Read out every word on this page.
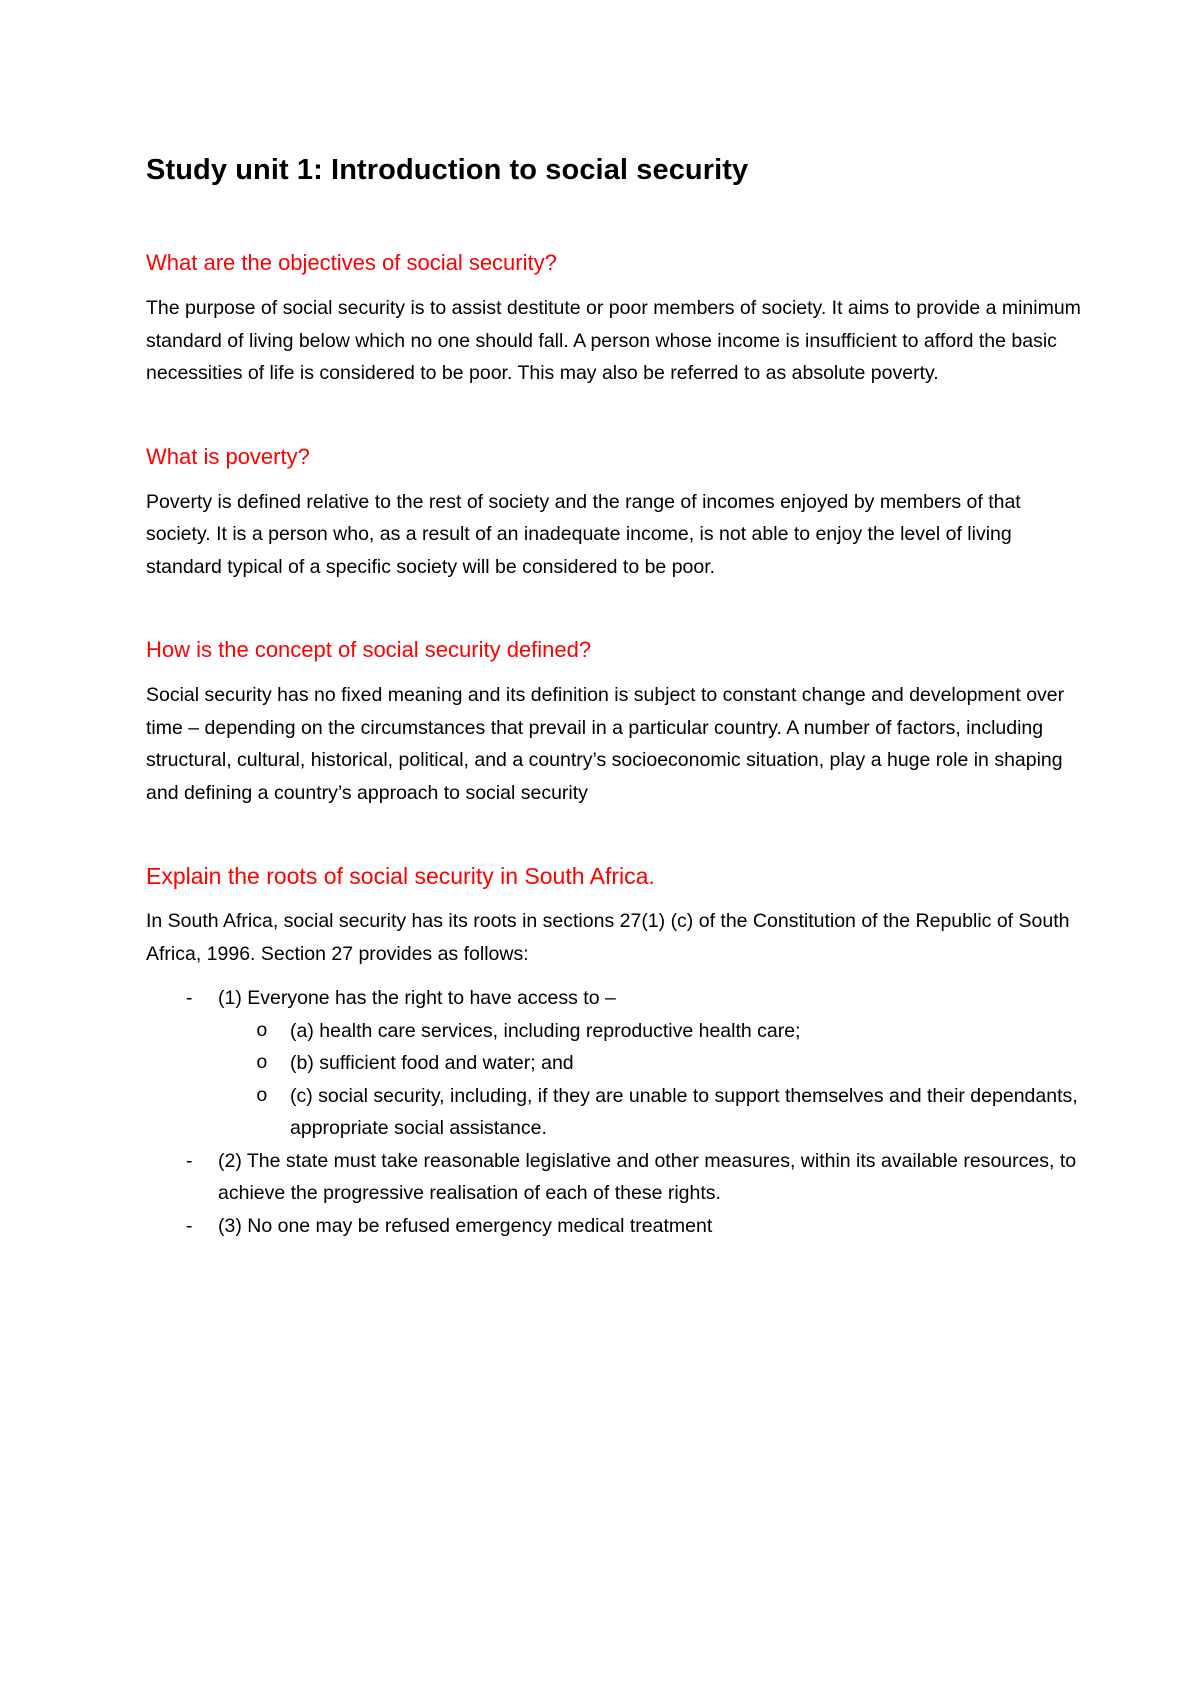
Study unit 1: Introduction to social security
What are the objectives of social security?

The purpose of social security is to assist destitute or poor members of society. It aims to provide a minimum standard of living below which no one should fall. A person whose income is insufficient to afford the basic necessities of life is considered to be poor. This may also be referred to as absolute poverty.

What is poverty?

Poverty is defined relative to the rest of society and the range of incomes enjoyed by members of that society. It is a person who, as a result of an inadequate income, is not able to enjoy the level of living standard typical of a specific society will be considered to be poor.

How is the concept of social security defined?

Social security has no fixed meaning and its definition is subject to constant change and development over time – depending on the circumstances that prevail in a particular country. A number of factors, including structural, cultural, historical, political, and a country’s socioeconomic situation, play a huge role in shaping and defining a country’s approach to social security

Explain the roots of social security in South Africa.

In South Africa, social security has its roots in sections 27(1) (c) of the Constitution of the Republic of South Africa, 1996. Section 27 provides as follows:

- (1) Everyone has the right to have access to –
o (a) health care services, including reproductive health care;
o (b) sufficient food and water; and
o (c) social security, including, if they are unable to support themselves and their dependants, appropriate social assistance.
- (2) The state must take reasonable legislative and other measures, within its available resources, to achieve the progressive realisation of each of these rights.
- (3) No one may be refused emergency medical treatment
